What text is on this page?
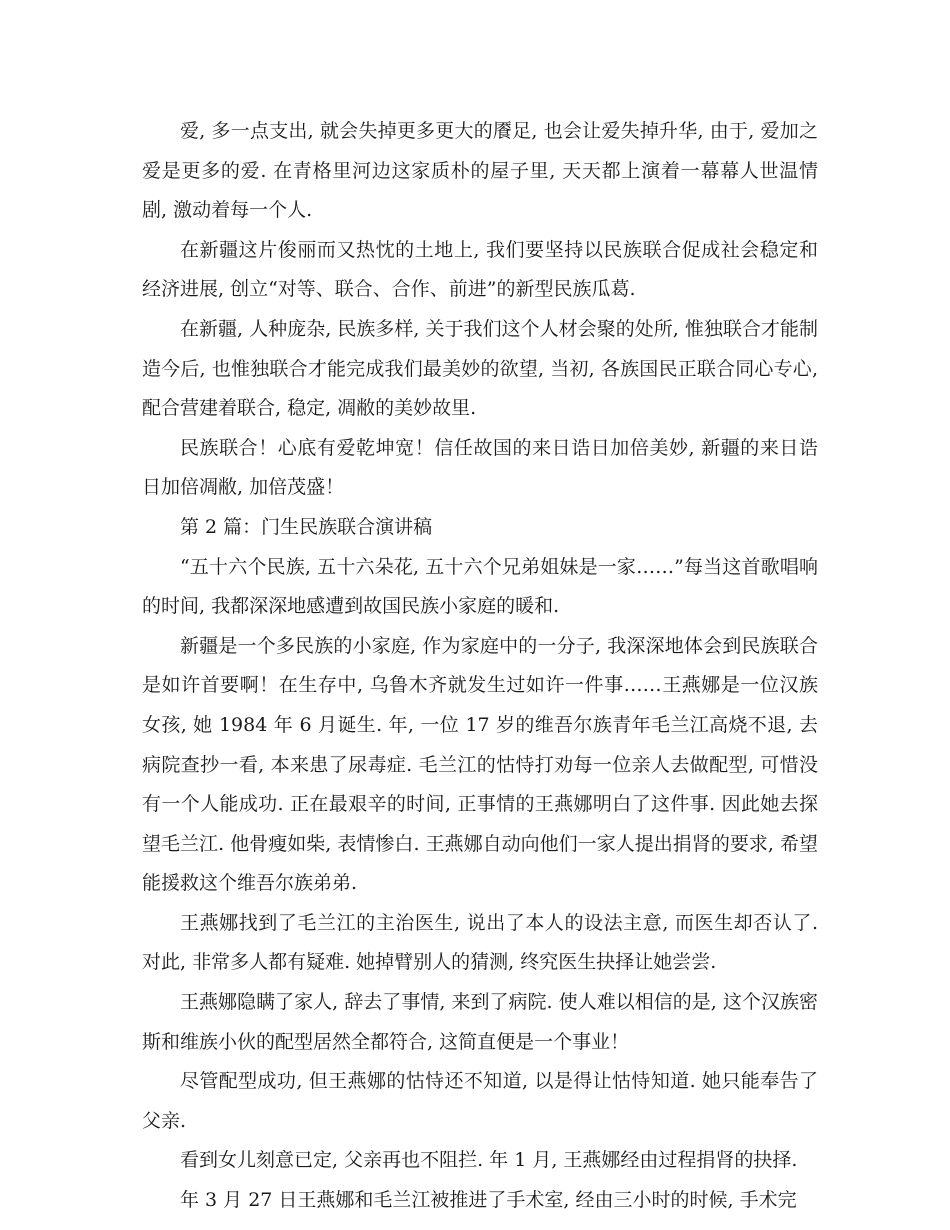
爱, 多一点支出, 就会失掉更多更大的餍足, 也会让爱失掉升华, 由于, 爱加之爱是更多的爱. 在青格里河边这家质朴的屋子里, 天天都上演着一幕幕人世温情剧, 激动着每一个人.

在新疆这片俊丽而又热忱的土地上, 我们要坚持以民族联合促成社会稳定和经济进展, 创立“对等、联合、合作、前进”的新型民族瓜葛.

在新疆, 人种庞杂, 民族多样, 关于我们这个人材会聚的处所, 惟独联合才能制造今后, 也惟独联合才能完成我们最美妙的欲望, 当初, 各族国民正联合同心专心, 配合营建着联合, 稳定, 凋敝的美妙故里.

民族联合！心底有爱乾坤宽！信任故国的来日诰日加倍美妙, 新疆的来日诰日加倍凋敝, 加倍茂盛！

第 2 篇：门生民族联合演讲稿

“五十六个民族, 五十六朵花, 五十六个兄弟姐妹是一家……”每当这首歌唱响的时间, 我都深深地感遭到故国民族小家庭的暖和.

新疆是一个多民族的小家庭, 作为家庭中的一分子, 我深深地体会到民族联合是如许首要啊！在生存中, 乌鲁木齐就发生过如许一件事……王燕娜是一位汉族女孩, 她 1984 年 6 月诞生. 年, 一位 17 岁的维吾尔族青年毛兰江高烧不退, 去病院查抄一看, 本来患了尿毒症. 毛兰江的怙恃打劝每一位亲人去做配型, 可惜没有一个人能成功. 正在最艰辛的时间, 正事情的王燕娜明白了这件事. 因此她去探望毛兰江. 他骨瘦如柴, 表情惨白. 王燕娜自动向他们一家人提出捐肾的要求, 希望能援救这个维吾尔族弟弟.

王燕娜找到了毛兰江的主治医生, 说出了本人的设法主意, 而医生却否认了. 对此, 非常多人都有疑难. 她掉臂别人的猜测, 终究医生抉择让她尝尝.

王燕娜隐瞒了家人, 辞去了事情, 来到了病院. 使人难以相信的是, 这个汉族密斯和维族小伙的配型居然全都符合, 这简直便是一个事业！

尽管配型成功, 但王燕娜的怙恃还不知道, 以是得让怙恃知道. 她只能奉告了父亲.

看到女儿刻意已定, 父亲再也不阻拦. 年 1 月, 王燕娜经由过程捐肾的抉择.

年 3 月 27 日王燕娜和毛兰江被推进了手术室, 经由三小时的时候, 手术完
